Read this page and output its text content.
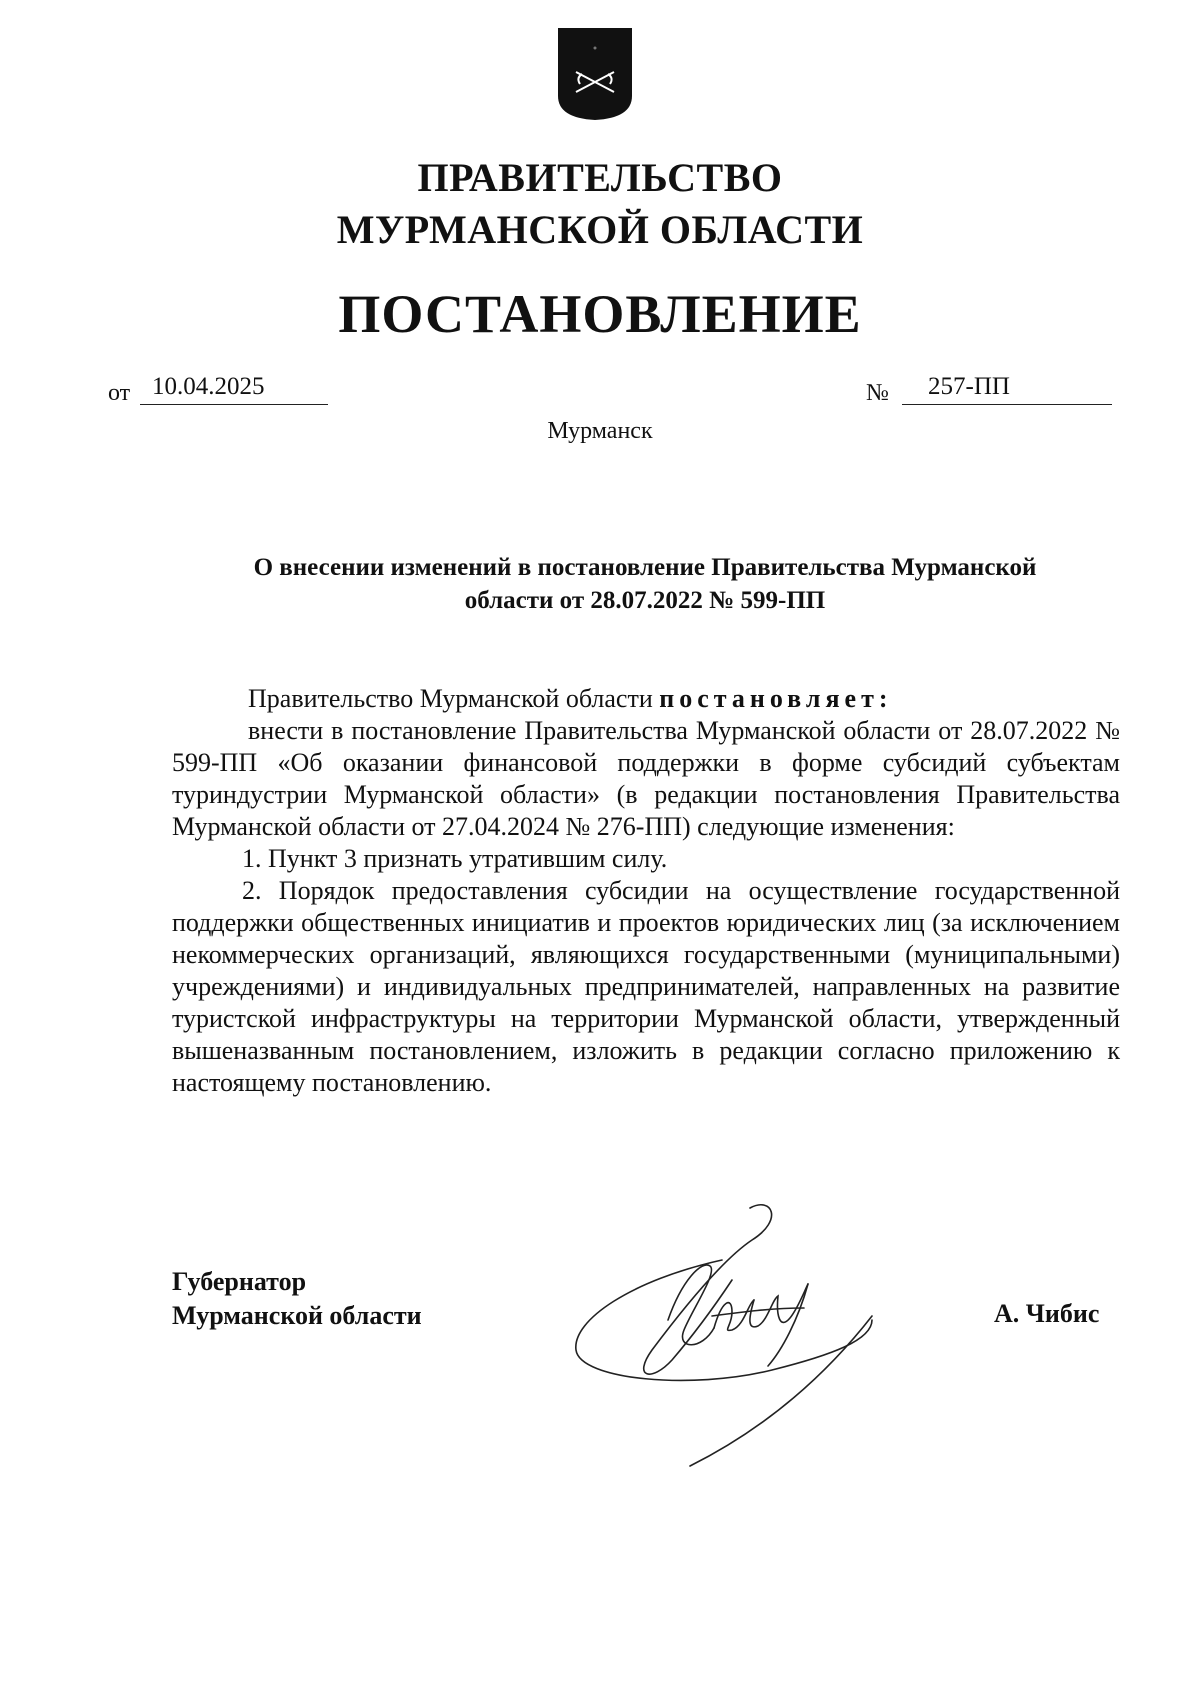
ПРАВИТЕЛЬСТВО
МУРМАНСКОЙ ОБЛАСТИ
ПОСТАНОВЛЕНИЕ
от 10.04.2025	№	257-ПП
Мурманск
О внесении изменений в постановление Правительства Мурманской
области от 28.07.2022 № 599-ПП

Правительство Мурманской области постановляет:

внести в постановление Правительства Мурманской области от 28.07.2022 № 599-ПП «Об оказании финансовой поддержки в форме субсидий субъектам туриндустрии Мурманской области» (в редакции постановления Правительства Мурманской области от 27.04.2024 № 276-ПП) следующие изменения:

1. Пункт 3 признать утратившим силу.

2. Порядок предоставления субсидии на осуществление государственной поддержки общественных инициатив и проектов юридических лиц (за исключением некоммерческих организаций, являющихся государственными (муниципальными) учреждениями) и индивидуальных предпринимателей, направленных на развитие туристской инфраструктуры на территории Мурманской области, утвержденный вышеназванным постановлением, изложить в редакции согласно приложению к настоящему постановлению.

Губернатор
Мурманской области	А. Чибис
